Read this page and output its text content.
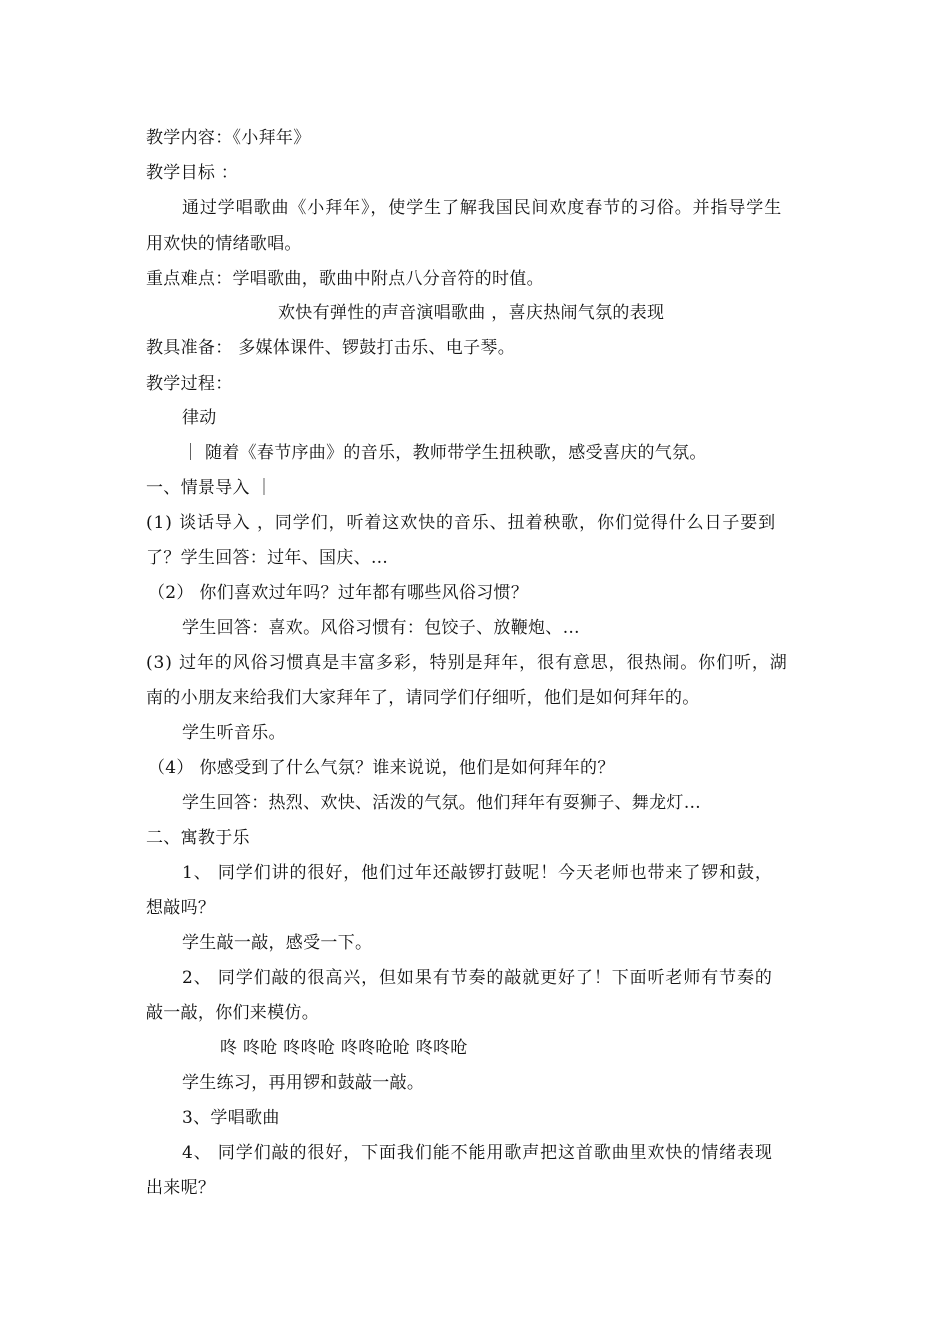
教学内容：《小拜年》
教学目标 ：
通过学唱歌曲《小拜年》，使学生了解我国民间欢度春节的习俗。并指导学生
用欢快的情绪歌唱。
重点难点：学唱歌曲，歌曲中附点八分音符的时值。
欢快有弹性的声音演唱歌曲 ，喜庆热闹气氛的表现
教具准备： 多媒体课件、锣鼓打击乐、电子琴。
教学过程：
律动
｜ 随着《春节序曲》的音乐，教师带学生扭秧歌，感受喜庆的气氛。
一、情景导入 ｜
(1) 谈话导入 ，同学们，听着这欢快的音乐、扭着秧歌，你们觉得什么日子要到
了？学生回答：过年、国庆、…
（2） 你们喜欢过年吗？过年都有哪些风俗习惯？
学生回答：喜欢。风俗习惯有：包饺子、放鞭炮、…
(3) 过年的风俗习惯真是丰富多彩，特别是拜年，很有意思，很热闹。你们听，湖
南的小朋友来给我们大家拜年了，请同学们仔细听，他们是如何拜年的。
学生听音乐。
（4） 你感受到了什么气氛？谁来说说，他们是如何拜年的？
学生回答：热烈、欢快、活泼的气氛。他们拜年有耍狮子、舞龙灯…
二、寓教于乐
1、 同学们讲的很好，他们过年还敲锣打鼓呢！今天老师也带来了锣和鼓，
想敲吗？
学生敲一敲，感受一下。
2、 同学们敲的很高兴，但如果有节奏的敲就更好了！下面听老师有节奏的
敲一敲，你们来模仿。
咚 咚呛 咚咚呛 咚咚呛呛 咚咚呛
学生练习，再用锣和鼓敲一敲。
3、学唱歌曲
4、 同学们敲的很好，下面我们能不能用歌声把这首歌曲里欢快的情绪表现
出来呢？
